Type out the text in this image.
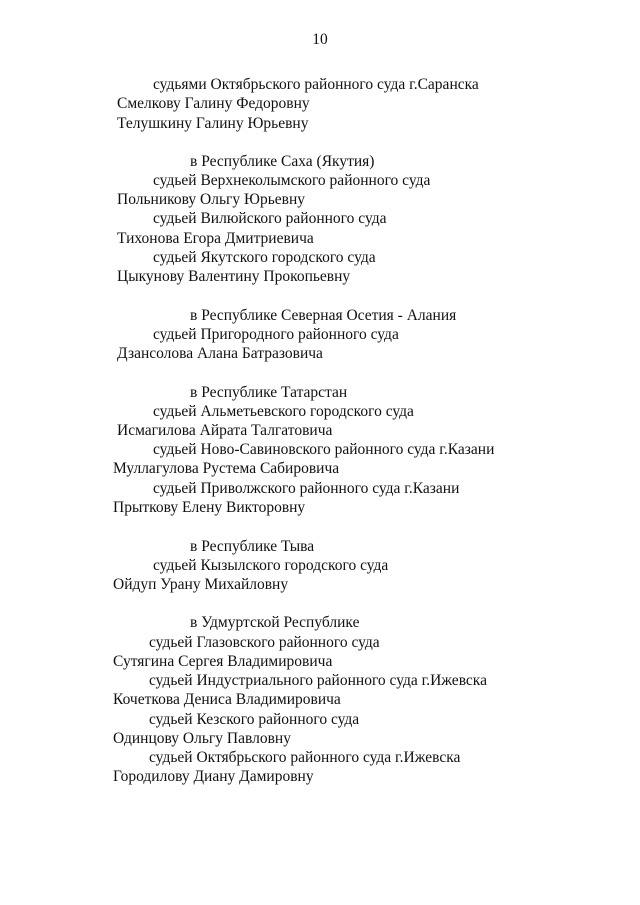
10
судьями Октябрьского районного суда г.Саранска
Смелкову Галину Федоровну
Телушкину Галину Юрьевну
в Республике Саха (Якутия)
судьей Верхнеколымского районного суда
Польникову Ольгу Юрьевну
судьей Вилюйского районного суда
Тихонова Егора Дмитриевича
судьей Якутского городского суда
Цыкунову Валентину Прокопьевну
в Республике Северная Осетия - Алания
судьей Пригородного районного суда
Дзансолова Алана Батразовича
в Республике Татарстан
судьей Альметьевского городского суда
Исмагилова Айрата Талгатовича
судьей Ново-Савиновского районного суда г.Казани
Муллагулова Рустема Сабировича
судьей Приволжского районного суда г.Казани
Прыткову Елену Викторовну
в Республике Тыва
судьей Кызылского городского суда
Ойдуп Урану Михайловну
в Удмуртской Республике
судьей Глазовского районного суда
Сутягина Сергея Владимировича
судьей Индустриального районного суда г.Ижевска
Кочеткова Дениса Владимировича
судьей Кезского районного суда
Одинцову Ольгу Павловну
судьей Октябрьского районного суда г.Ижевска
Городилову Диану Дамировну
